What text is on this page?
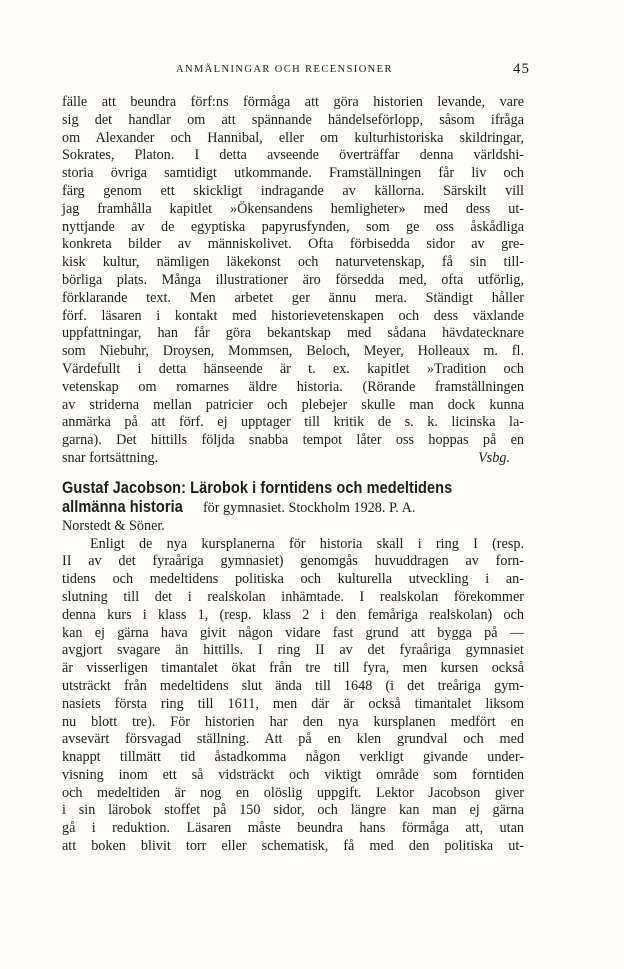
ANMÄLNINGAR OCH RECENSIONER	45
fälle att beundra förf:ns förmåga att göra historien levande, vare
sig det handlar om att spännande händelseförlopp, såsom ifråga
om Alexander och Hannibal, eller om kulturhistoriska skildringar,
Sokrates, Platon. I detta avseende överträffar denna världshi-
storia övriga samtidigt utkommande. Framställningen får liv och
färg genom ett skickligt indragande av källorna. Särskilt vill
jag framhålla kapitlet »Ökensandens hemligheter» med dess ut-
nyttjande av de egyptiska papyrusfynden, som ge oss åskådliga
konkreta bilder av människolivet. Ofta förbisedda sidor av gre-
kisk kultur, nämligen läkekonst och naturvetenskap, få sin till-
börliga plats. Många illustrationer äro försedda med, ofta utförlig,
förklarande text. Men arbetet ger ännu mera. Ständigt håller
förf. läsaren i kontakt med historievetenskapen och dess växlande
uppfattningar, han får göra bekantskap med sådana hävdatecknare
som Niebuhr, Droysen, Mommsen, Beloch, Meyer, Holleaux m. fl.
Värdefullt i detta hänseende är t. ex. kapitlet »Tradition och
vetenskap om romarnes äldre historia. (Rörande framställningen
av striderna mellan patricier och plebejer skulle man dock kunna
anmärka på att förf. ej upptager till kritik de s. k. licinska la-
garna). Det hittills följda snabba tempot låter oss hoppas på en
snar fortsättning.	Vsbg.
Gustaf Jacobson: Lärobok i forntidens och medeltidens
allmänna historia för gymnasiet. Stockholm 1928. P. A.
Norstedt & Söner.
Enligt de nya kursplanerna för historia skall i ring I (resp.
II av det fyraåriga gymnasiet) genomgås huvuddragen av forn-
tidens och medeltidens politiska och kulturella utveckling i an-
slutning till det i realskolan inhämtade. I realskolan förekommer
denna kurs i klass 1, (resp. klass 2 i den femåriga realskolan) och
kan ej gärna hava givit någon vidare fast grund att bygga på —
avgjort svagare än hittills. I ring II av det fyraåriga gymnasiet
är visserligen timantalet ökat från tre till fyra, men kursen också
utsträckt från medeltidens slut ända till 1648 (i det treåriga gym-
nasiets första ring till 1611, men där är också timantalet liksom
nu blott tre). För historien har den nya kursplanen medfört en
avsevärt försvagad ställning. Att på en klen grundval och med
knappt tillmätt tid åstadkomma någon verkligt givande under-
visning inom ett så vidsträckt och viktigt område som forntiden
och medeltiden är nog en olöslig uppgift. Lektor Jacobson giver
i sin lärobok stoffet på 150 sidor, och längre kan man ej gärna
gå i reduktion. Läsaren måste beundra hans förmåga att, utan
att boken blivit torr eller schematisk, få med den politiska ut-
